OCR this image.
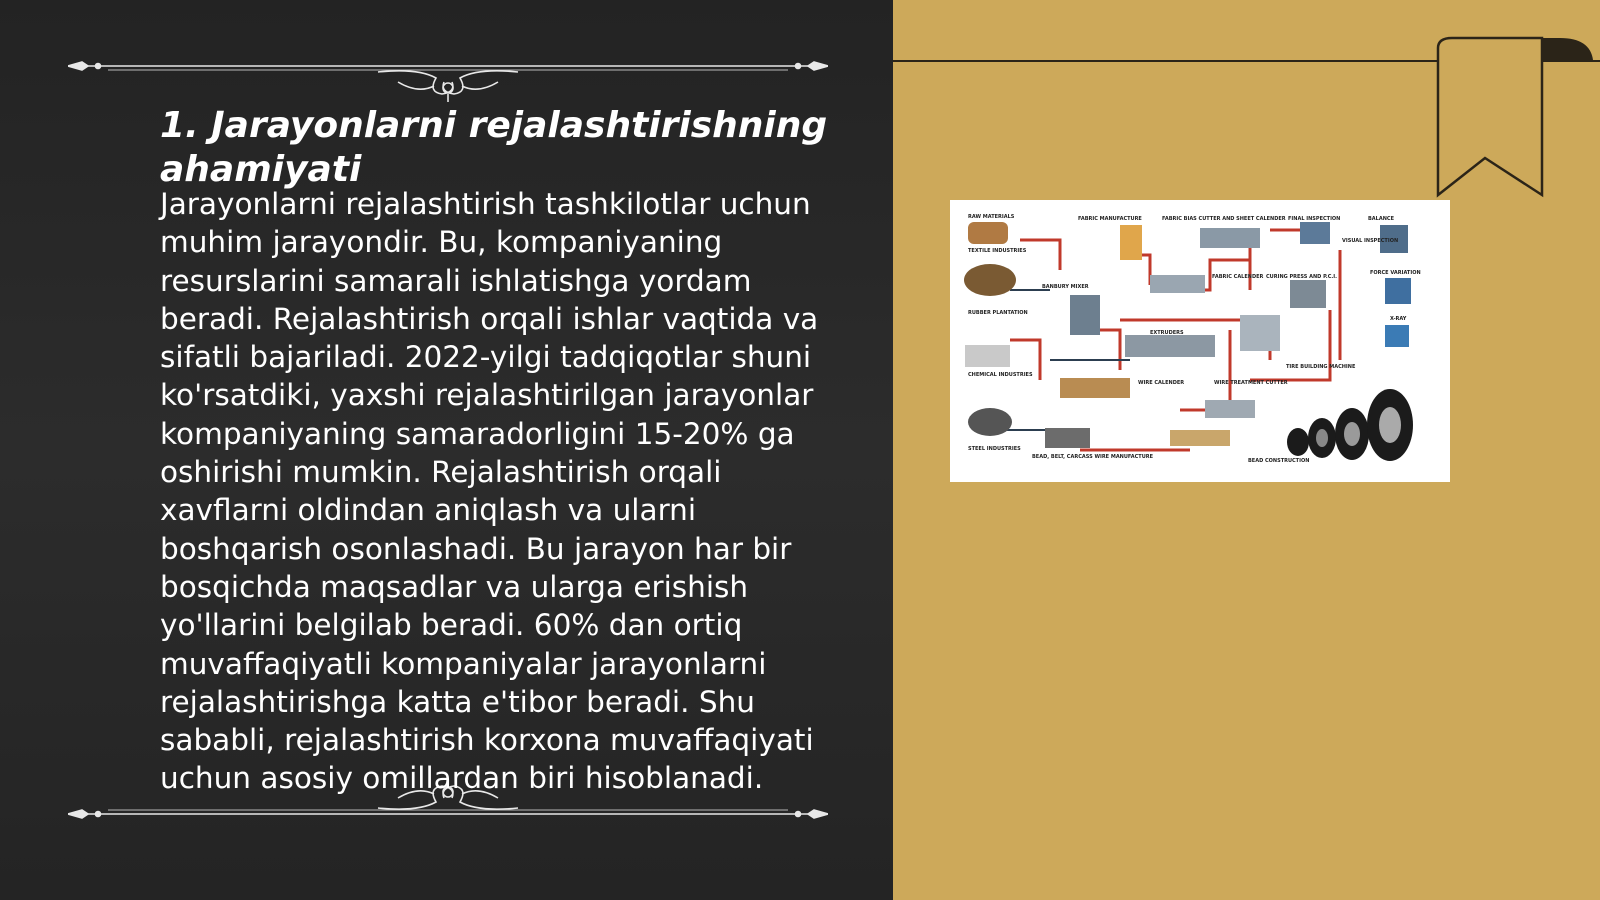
1. Jarayonlarni rejalashtirishning ahamiyati

Jarayonlarni rejalashtirish tashkilotlar uchun muhim jarayondir. Bu, kompaniyaning resurslarini samarali ishlatishga yordam beradi. Rejalashtirish orqali ishlar vaqtida va sifatli bajariladi. 2022-yilgi tadqiqotlar shuni ko'rsatdiki, yaxshi rejalashtirilgan jarayonlar kompaniyaning samaradorligini 15-20% ga oshirishi mumkin. Rejalashtirish orqali xavflarni oldindan aniqlash va ularni boshqarish osonlashadi. Bu jarayon har bir bosqichda maqsadlar va ularga erishish yo'llarini belgilab beradi. 60% dan ortiq muvaffaqiyatli kompaniyalar jarayonlarni rejalashtirishga katta e'tibor beradi. Shu sababli, rejalashtirish korxona muvaffaqiyati uchun asosiy omillardan biri hisoblanadi.

RAW MATERIALS
TEXTILE INDUSTRIES
FABRIC MANUFACTURE	FABRIC BIAS CUTTER AND SHEET CALENDER FINAL INSPECTION	BALANCE
VISUAL INSPECTION
BANBURY MIXER
FABRIC CALENDER CURING PRESS AND P.C.I.
FORCE VARIATION
RUBBER PLANTATION
EXTRUDERS
X-RAY
CHEMICAL INDUSTRIES
WIRE CALENDER	WIRE TREATMENT CUTTER
TIRE BUILDING MACHINE
STEEL INDUSTRIES
BEAD, BELT, CARCASS WIRE MANUFACTURE
BEAD CONSTRUCTION
